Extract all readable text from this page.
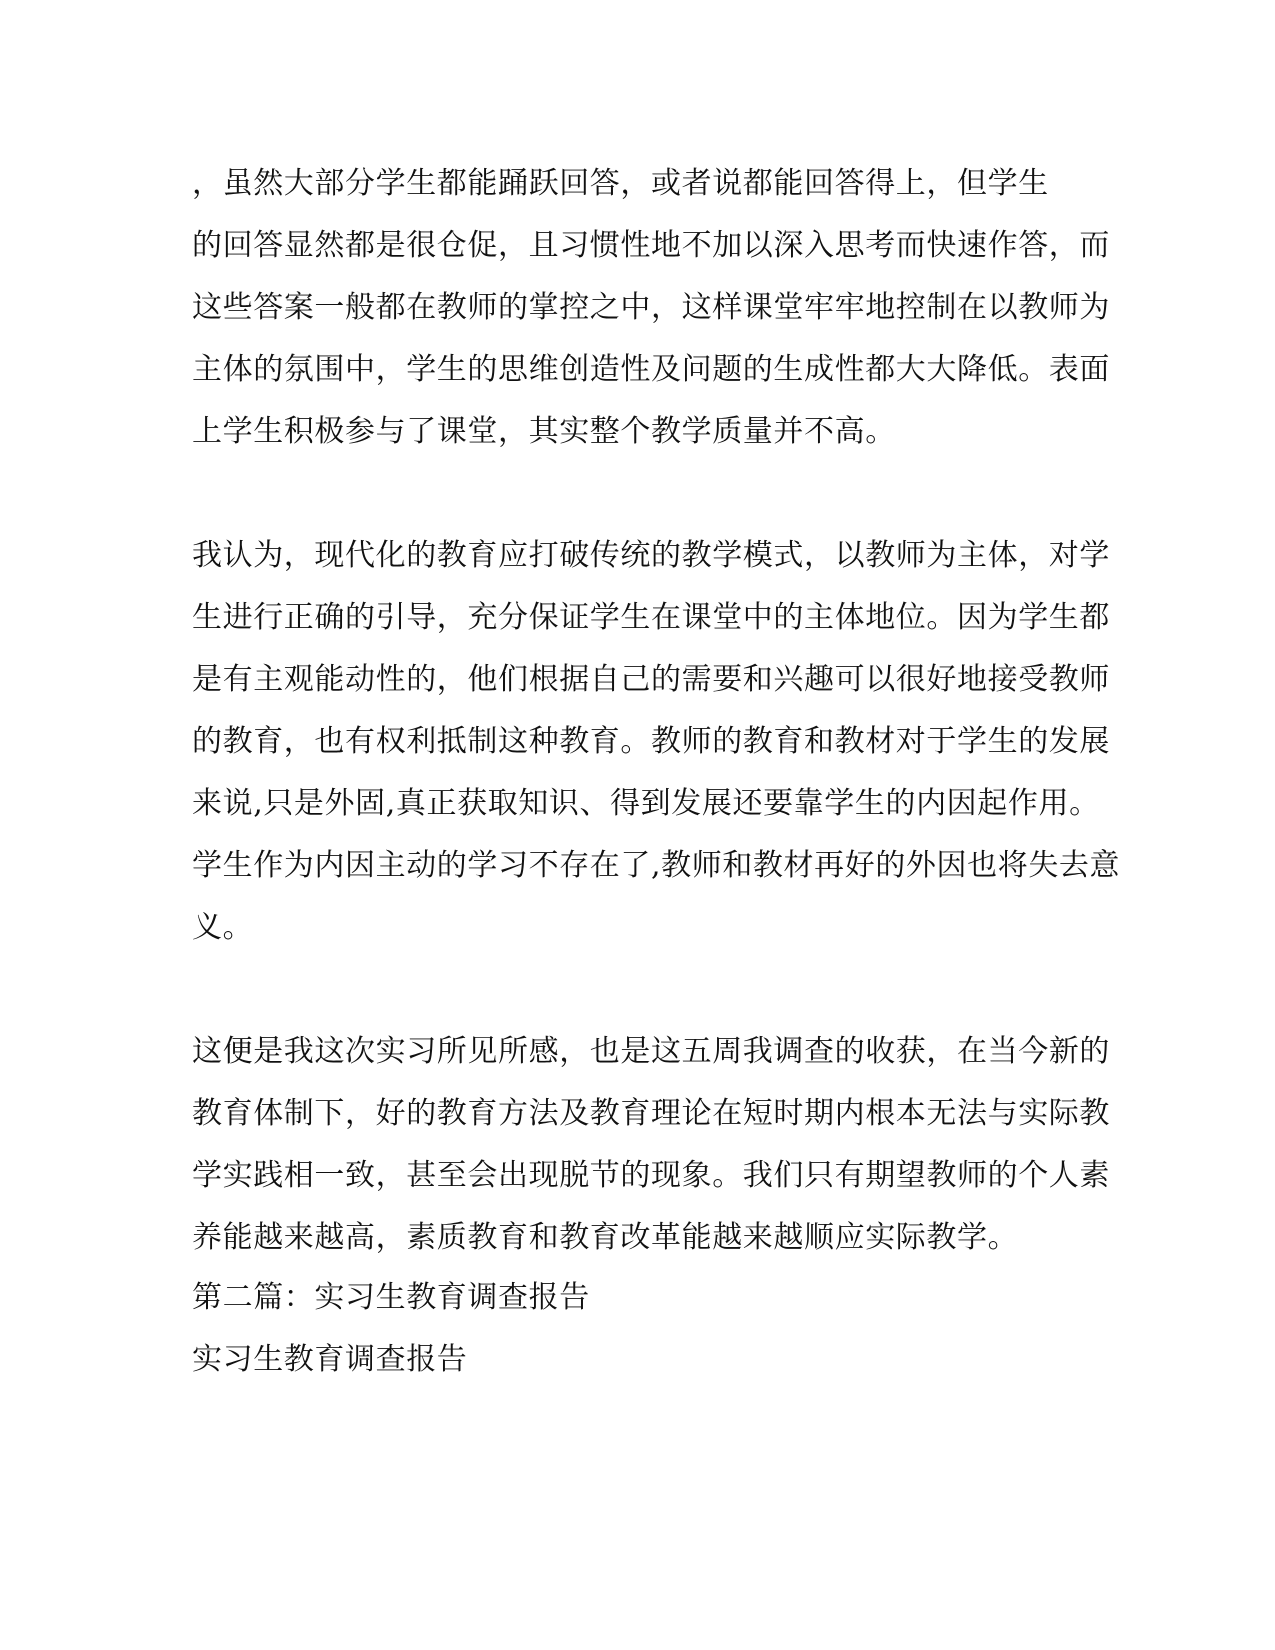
，虽然大部分学生都能踊跃回答，或者说都能回答得上，但学生
的回答显然都是很仓促，且习惯性地不加以深入思考而快速作答，而
这些答案一般都在教师的掌控之中，这样课堂牢牢地控制在以教师为
主体的氛围中，学生的思维创造性及问题的生成性都大大降低。表面
上学生积极参与了课堂，其实整个教学质量并不高。
我认为，现代化的教育应打破传统的教学模式，以教师为主体，对学
生进行正确的引导，充分保证学生在课堂中的主体地位。因为学生都
是有主观能动性的，他们根据自己的需要和兴趣可以很好地接受教师
的教育，也有权利抵制这种教育。教师的教育和教材对于学生的发展
来说,只是外固,真正获取知识、得到发展还要靠学生的内因起作用。
学生作为内因主动的学习不存在了,教师和教材再好的外因也将失去意
义。
这便是我这次实习所见所感，也是这五周我调查的收获，在当今新的
教育体制下，好的教育方法及教育理论在短时期内根本无法与实际教
学实践相一致，甚至会出现脱节的现象。我们只有期望教师的个人素
养能越来越高，素质教育和教育改革能越来越顺应实际教学。
第二篇：实习生教育调查报告
实习生教育调查报告
